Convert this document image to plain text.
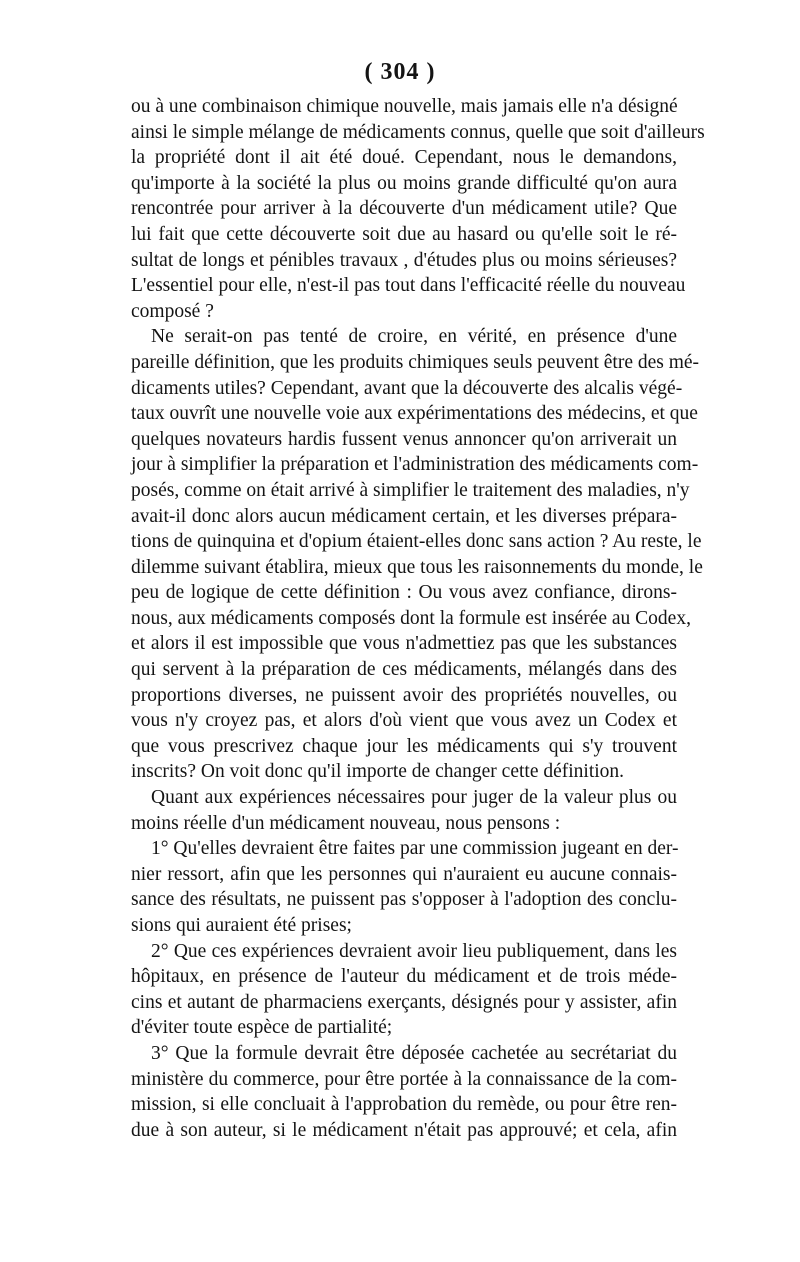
( 304 )

ou à une combinaison chimique nouvelle, mais jamais elle n'a désigné
ainsi le simple mélange de médicaments connus, quelle que soit d'ailleurs
la propriété dont il ait été doué. Cependant, nous le demandons,
qu'importe à la société la plus ou moins grande difficulté qu'on aura
rencontrée pour arriver à la découverte d'un médicament utile? Que
lui fait que cette découverte soit due au hasard ou qu'elle soit le ré-
sultat de longs et pénibles travaux , d'études plus ou moins sérieuses?
L'essentiel pour elle, n'est-il pas tout dans l'efficacité réelle du nouveau
composé ?

Ne serait-on pas tenté de croire, en vérité, en présence d'une
pareille définition, que les produits chimiques seuls peuvent être des mé-
dicaments utiles? Cependant, avant que la découverte des alcalis végé-
taux ouvrît une nouvelle voie aux expérimentations des médecins, et que
quelques novateurs hardis fussent venus annoncer qu'on arriverait un
jour à simplifier la préparation et l'administration des médicaments com-
posés, comme on était arrivé à simplifier le traitement des maladies, n'y
avait-il donc alors aucun médicament certain, et les diverses prépara-
tions de quinquina et d'opium étaient-elles donc sans action ? Au reste, le
dilemme suivant établira, mieux que tous les raisonnements du monde, le
peu de logique de cette définition : Ou vous avez confiance, dirons-
nous, aux médicaments composés dont la formule est insérée au Codex,
et alors il est impossible que vous n'admettiez pas que les substances
qui servent à la préparation de ces médicaments, mélangés dans des
proportions diverses, ne puissent avoir des propriétés nouvelles, ou
vous n'y croyez pas, et alors d'où vient que vous avez un Codex et
que vous prescrivez chaque jour les médicaments qui s'y trouvent
inscrits? On voit donc qu'il importe de changer cette définition.

Quant aux expériences nécessaires pour juger de la valeur plus ou
moins réelle d'un médicament nouveau, nous pensons :

1° Qu'elles devraient être faites par une commission jugeant en der-
nier ressort, afin que les personnes qui n'auraient eu aucune connais-
sance des résultats, ne puissent pas s'opposer à l'adoption des conclu-
sions qui auraient été prises;

2° Que ces expériences devraient avoir lieu publiquement, dans les
hôpitaux, en présence de l'auteur du médicament et de trois méde-
cins et autant de pharmaciens exerçants, désignés pour y assister, afin
d'éviter toute espèce de partialité;

3° Que la formule devrait être déposée cachetée au secrétariat du
ministère du commerce, pour être portée à la connaissance de la com-
mission, si elle concluait à l'approbation du remède, ou pour être ren-
due à son auteur, si le médicament n'était pas approuvé; et cela, afin
